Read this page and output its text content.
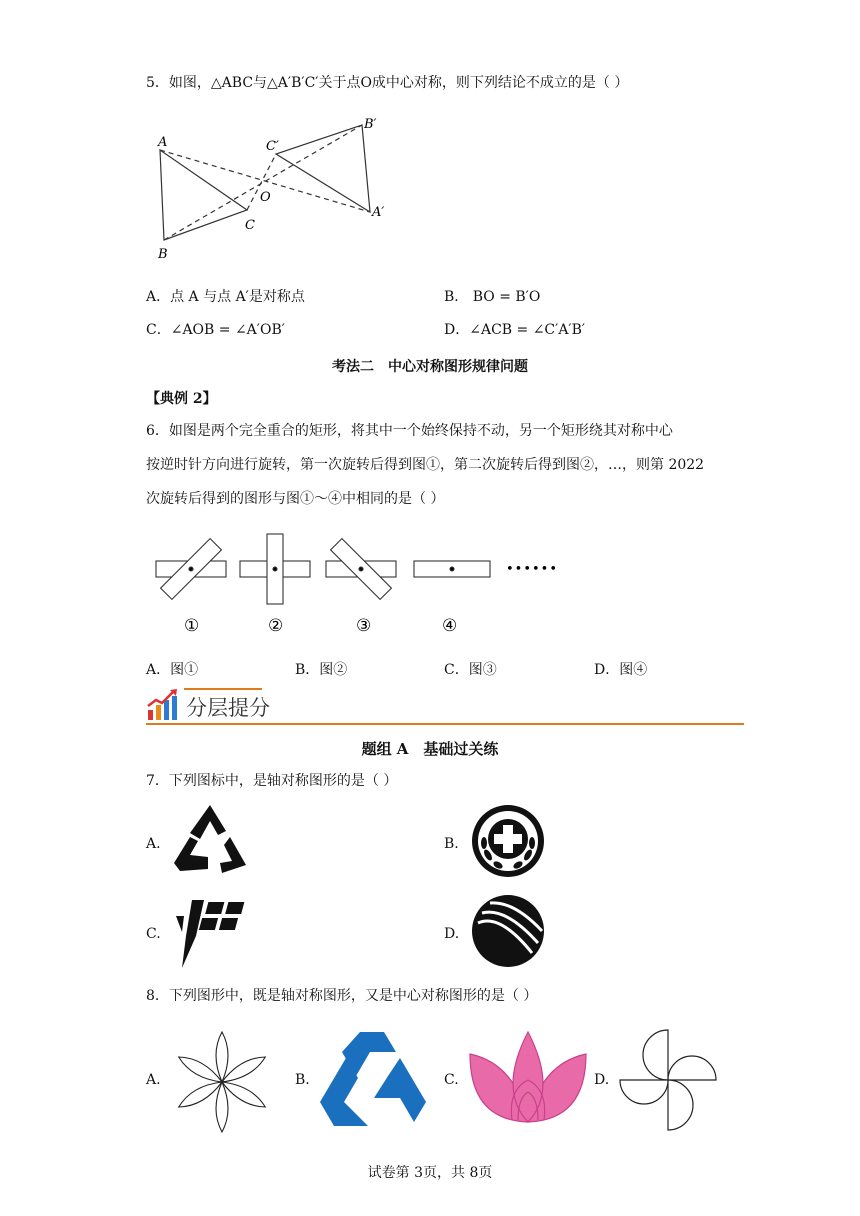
5．如图，△ABC与△A′B′C′关于点O成中心对称，则下列结论不成立的是（ ）
A
B
C
O
A′
B′
C′
A．点 A 与点 A′是对称点	B． BO = B′O
C．∠AOB = ∠A′OB′	D．∠ACB = ∠C′A′B′
考法二　中心对称图形规律问题
【典例 2】
6．如图是两个完全重合的矩形，将其中一个始终保持不动，另一个矩形绕其对称中心
按逆时针方向进行旋转，第一次旋转后得到图①，第二次旋转后得到图②，…，则第 2022
次旋转后得到的图形与图①～④中相同的是（ ）
••••••
①	②	③	④
A．图①	B．图②	C．图③	D．图④
分层提分
题组 A　基础过关练
7．下列图标中，是轴对称图形的是（ ）
A.	B.
C.	D.
8．下列图形中，既是轴对称图形，又是中心对称图形的是（ ）
A.	B.	C.	D.
试卷第 3页，共 8页
